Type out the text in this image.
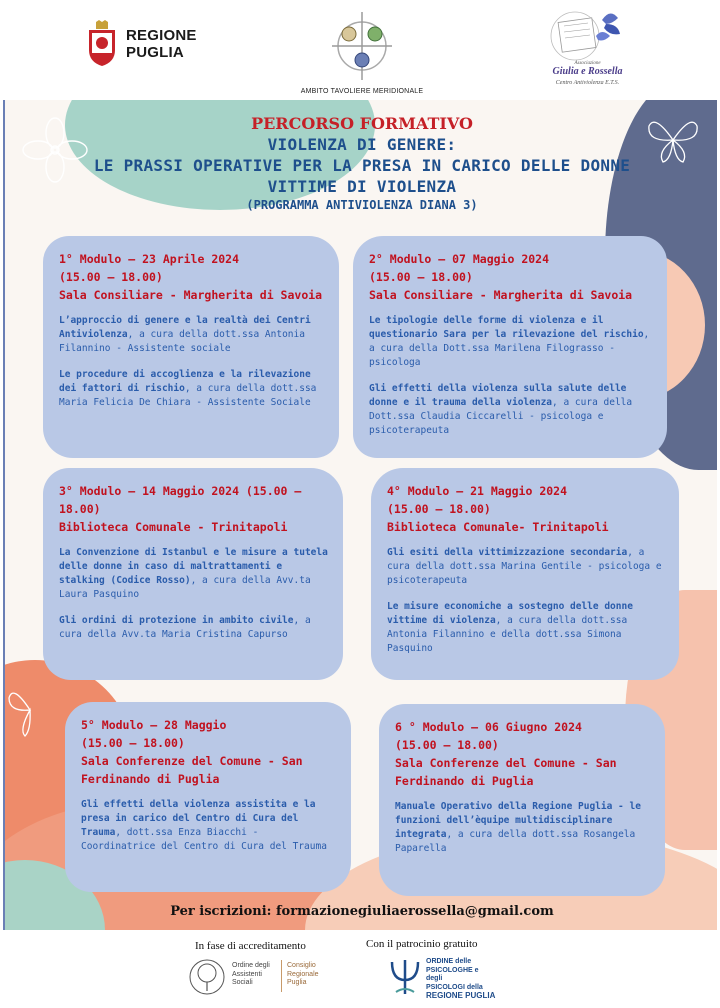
REGIONE
PUGLIA
AMBITO TAVOLIERE MERIDIONALE
Associazione
Giulia e Rossella
Centro Antiviolenza E.T.S.
PERCORSO FORMATIVO
VIOLENZA DI GENERE:
LE PRASSI OPERATIVE PER LA PRESA IN CARICO DELLE DONNE
VITTIME DI VIOLENZA
(PROGRAMMA ANTIVIOLENZA DIANA 3)
1° Modulo – 23 Aprile 2024
(15.00 – 18.00)
Sala Consiliare - Margherita di Savoia
L’approccio di genere e la realtà dei Centri Antiviolenza, a cura della dott.ssa Antonia Filannino - Assistente sociale
Le procedure di accoglienza e la rilevazione dei fattori di rischio, a cura della dott.ssa Maria Felicia De Chiara - Assistente Sociale
2° Modulo – 07 Maggio 2024
(15.00 – 18.00)
Sala Consiliare - Margherita di Savoia
Le tipologie delle forme di violenza e il questionario Sara per la rilevazione del rischio, a cura della Dott.ssa Marilena Filograsso - psicologa
Gli effetti della violenza sulla salute delle donne e il trauma della violenza, a cura della Dott.ssa Claudia Ciccarelli - psicologa e psicoterapeuta
3° Modulo – 14 Maggio 2024 (15.00 – 18.00)
Biblioteca Comunale - Trinitapoli
La Convenzione di Istanbul e le misure a tutela delle donne in caso di maltrattamenti e stalking (Codice Rosso), a cura della Avv.ta Laura Pasquino
Gli ordini di protezione in ambito civile, a cura della Avv.ta Maria Cristina Capurso
4° Modulo – 21 Maggio 2024
(15.00 – 18.00)
Biblioteca Comunale- Trinitapoli
Gli esiti della vittimizzazione secondaria, a cura della dott.ssa Marina Gentile - psicologa e psicoterapeuta
Le misure economiche a sostegno delle donne vittime di violenza, a cura della dott.ssa Antonia Filannino e della dott.ssa Simona Pasquino
5° Modulo – 28 Maggio
(15.00 – 18.00)
Sala Conferenze del Comune - San Ferdinando di Puglia
Gli effetti della violenza assistita e la presa in carico del Centro di Cura del Trauma, dott.ssa Enza Biacchi - Coordinatrice del Centro di Cura del Trauma
6 ° Modulo – 06 Giugno 2024
(15.00 – 18.00)
Sala Conferenze del Comune - San Ferdinando di Puglia
Manuale Operativo della Regione Puglia - le funzioni dell’èquipe multidisciplinare integrata, a cura della dott.ssa Rosangela Paparella
Per iscrizioni: formazionegiuliaerossella@gmail.com
In fase di accreditamento	Con il patrocinio gratuito
Ordine degli
Assistenti
Sociali
Consiglio
Regionale
Puglia
ORDINE delle
PSICOLOGHE e degli
PSICOLOGI della
REGIONE PUGLIA
